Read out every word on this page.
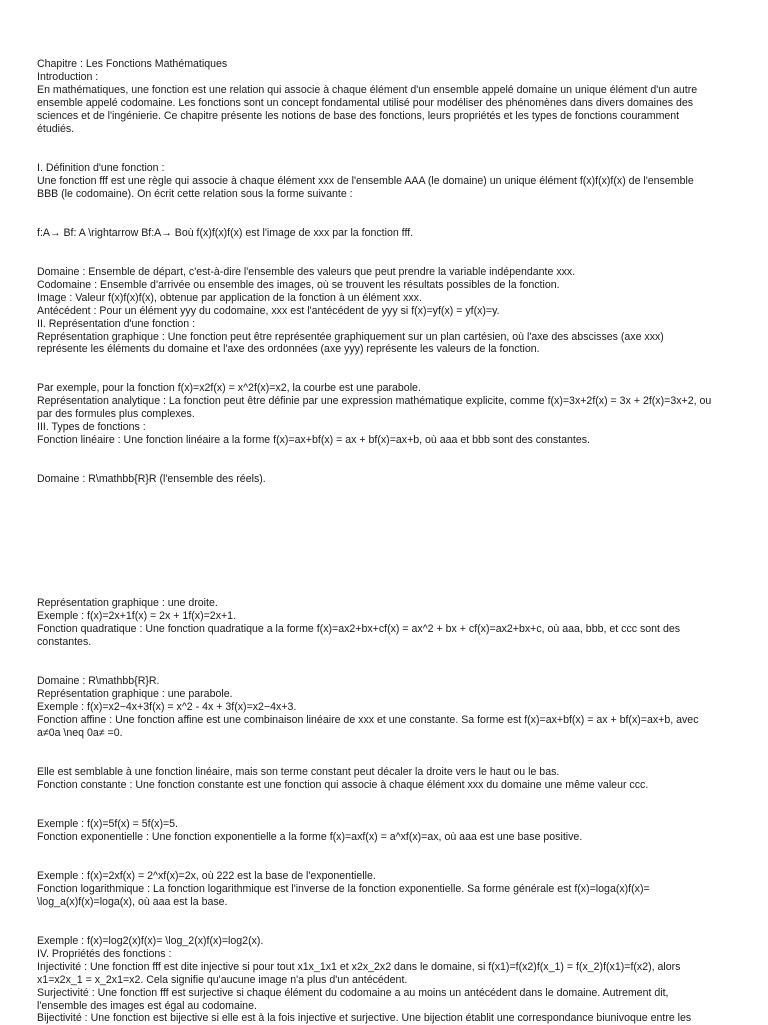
Chapitre : Les Fonctions Mathématiques
Introduction :
En mathématiques, une fonction est une relation qui associe à chaque élément d'un ensemble appelé domaine un unique élément d'un autre
ensemble appelé codomaine. Les fonctions sont un concept fondamental utilisé pour modéliser des phénomènes dans divers domaines des
sciences et de l'ingénierie. Ce chapitre présente les notions de base des fonctions, leurs propriétés et les types de fonctions couramment
étudiés.
I. Définition d'une fonction :
Une fonction fff est une règle qui associe à chaque élément xxx de l'ensemble AAA (le domaine) un unique élément f(x)f(x)f(x) de l'ensemble
BBB (le codomaine). On écrit cette relation sous la forme suivante :
f:A→ Bf: A \rightarrow Bf:A→ Boù f(x)f(x)f(x) est l'image de xxx par la fonction fff.
Domaine : Ensemble de départ, c'est-à-dire l'ensemble des valeurs que peut prendre la variable indépendante xxx.
Codomaine : Ensemble d'arrivée ou ensemble des images, où se trouvent les résultats possibles de la fonction.
Image : Valeur f(x)f(x)f(x), obtenue par application de la fonction à un élément xxx.
Antécédent : Pour un élément yyy du codomaine, xxx est l'antécédent de yyy si f(x)=yf(x) = yf(x)=y.
II. Représentation d'une fonction :
Représentation graphique : Une fonction peut être représentée graphiquement sur un plan cartésien, où l'axe des abscisses (axe xxx)
représente les éléments du domaine et l'axe des ordonnées (axe yyy) représente les valeurs de la fonction.
Par exemple, pour la fonction f(x)=x2f(x) = x^2f(x)=x2, la courbe est une parabole.
Représentation analytique : La fonction peut être définie par une expression mathématique explicite, comme f(x)=3x+2f(x) = 3x + 2f(x)=3x+2, ou
par des formules plus complexes.
III. Types de fonctions :
Fonction linéaire : Une fonction linéaire a la forme f(x)=ax+bf(x) = ax + bf(x)=ax+b, où aaa et bbb sont des constantes.
Domaine : R\mathbb{R}R (l'ensemble des réels).
Représentation graphique : une droite.
Exemple : f(x)=2x+1f(x) = 2x + 1f(x)=2x+1.
Fonction quadratique : Une fonction quadratique a la forme f(x)=ax2+bx+cf(x) = ax^2 + bx + cf(x)=ax2+bx+c, où aaa, bbb, et ccc sont des
constantes.
Domaine : R\mathbb{R}R.
Représentation graphique : une parabole.
Exemple : f(x)=x2−4x+3f(x) = x^2 - 4x + 3f(x)=x2−4x+3.
Fonction affine : Une fonction affine est une combinaison linéaire de xxx et une constante. Sa forme est f(x)=ax+bf(x) = ax + bf(x)=ax+b, avec
a≠0a \neq 0a≠ =0.
Elle est semblable à une fonction linéaire, mais son terme constant peut décaler la droite vers le haut ou le bas.
Fonction constante : Une fonction constante est une fonction qui associe à chaque élément xxx du domaine une même valeur ccc.
Exemple : f(x)=5f(x) = 5f(x)=5.
Fonction exponentielle : Une fonction exponentielle a la forme f(x)=axf(x) = a^xf(x)=ax, où aaa est une base positive.
Exemple : f(x)=2xf(x) = 2^xf(x)=2x, où 222 est la base de l'exponentielle.
Fonction logarithmique : La fonction logarithmique est l'inverse de la fonction exponentielle. Sa forme générale est f(x)=log⁡a(x)f(x)=
\log_a(x)f(x)=loga(x), où aaa est la base.
Exemple : f(x)=log⁡2(x)f(x)= \log_2(x)f(x)=log2(x).
IV. Propriétés des fonctions :
Injectivité : Une fonction fff est dite injective si pour tout x1x_1x1 et x2x_2x2 dans le domaine, si f(x1)=f(x2)f(x_1) = f(x_2)f(x1)=f(x2), alors
x1=x2x_1 = x_2x1=x2. Cela signifie qu'aucune image n'a plus d'un antécédent.
Surjectivité : Une fonction fff est surjective si chaque élément du codomaine a au moins un antécédent dans le domaine. Autrement dit,
l'ensemble des images est égal au codomaine.
Bijectivité : Une fonction est bijective si elle est à la fois injective et surjective. Une bijection établit une correspondance biunivoque entre les
